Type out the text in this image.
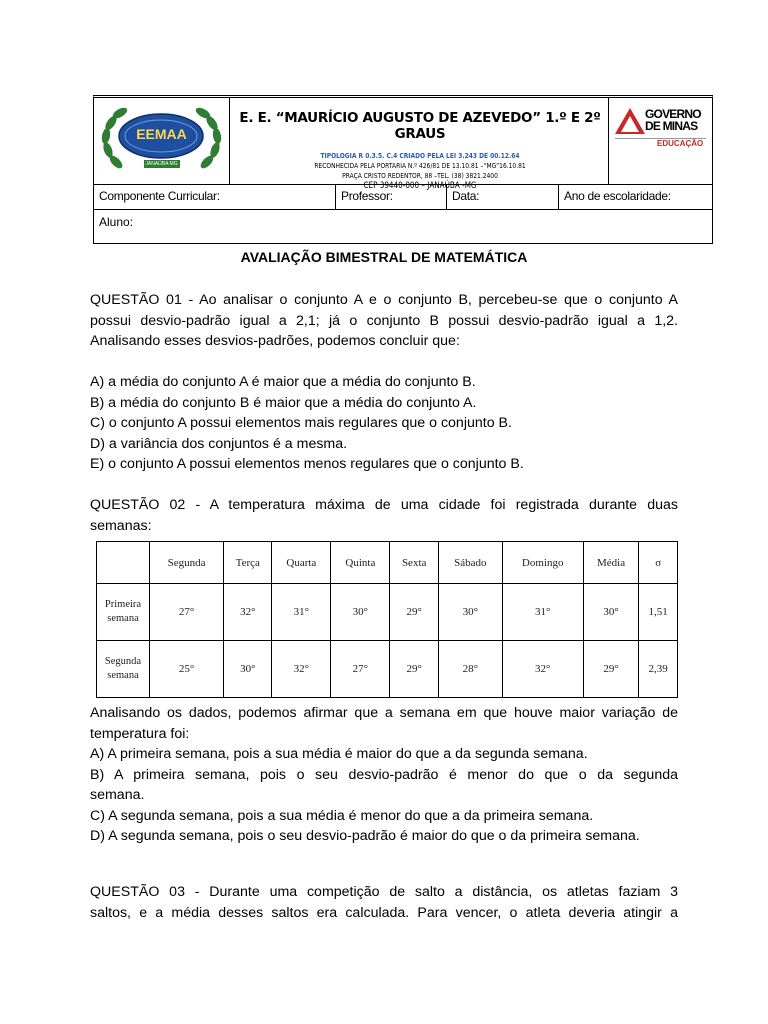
EEMAA
JANAÚBA MG
E. E. “MAURÍCIO AUGUSTO DE AZEVEDO” 1.º E 2º GRAUS
TIPOLOGIA R 0.3.5. C.4 CRIADO PELA LEI 3.243 DE 00.12.64
RECONHECIDA PELA PORTARIA N.º 426/81 DE 13.10.81 –“MG”16.10.81
PRAÇA CRISTO REDENTOR, 88 –TEL. (38) 3821.2400
CEP 39440-000 – JANAÚBA -MG
GOVERNO
DE MINAS
EDUCAÇÃO
Componente Curricular:	Professor:	Data:	Ano de escolaridade:
Aluno:
AVALIAÇÃO BIMESTRAL DE MATEMÁTICA
QUESTÃO 01 - Ao analisar o conjunto A e o conjunto B, percebeu-se que o conjunto A
possui desvio-padrão igual a 2,1; já o conjunto B possui desvio-padrão igual a 1,2.
Analisando esses desvios-padrões, podemos concluir que:
A) a média do conjunto A é maior que a média do conjunto B.
B) a média do conjunto B é maior que a média do conjunto A.
C) o conjunto A possui elementos mais regulares que o conjunto B.
D) a variância dos conjuntos é a mesma.
E) o conjunto A possui elementos menos regulares que o conjunto B.
QUESTÃO 02 - A temperatura máxima de uma cidade foi registrada durante duas
semanas:
	Segunda	Terça	Quarta	Quinta	Sexta	Sábado	Domingo	Média	σ
Primeira
semana	27°	32°	31°	30°	29°	30°	31°	30°	1,51
Segunda
semana	25°	30°	32°	27°	29°	28°	32°	29°	2,39
Analisando os dados, podemos afirmar que a semana em que houve maior variação de
temperatura foi:
A) A primeira semana, pois a sua média é maior do que a da segunda semana.
B) A primeira semana, pois o seu desvio-padrão é menor do que o da segunda
semana.
C) A segunda semana, pois a sua média é menor do que a da primeira semana.
D) A segunda semana, pois o seu desvio-padrão é maior do que o da primeira semana.
QUESTÃO 03 - Durante uma competição de salto a distância, os atletas faziam 3
saltos, e a média desses saltos era calculada. Para vencer, o atleta deveria atingir a
